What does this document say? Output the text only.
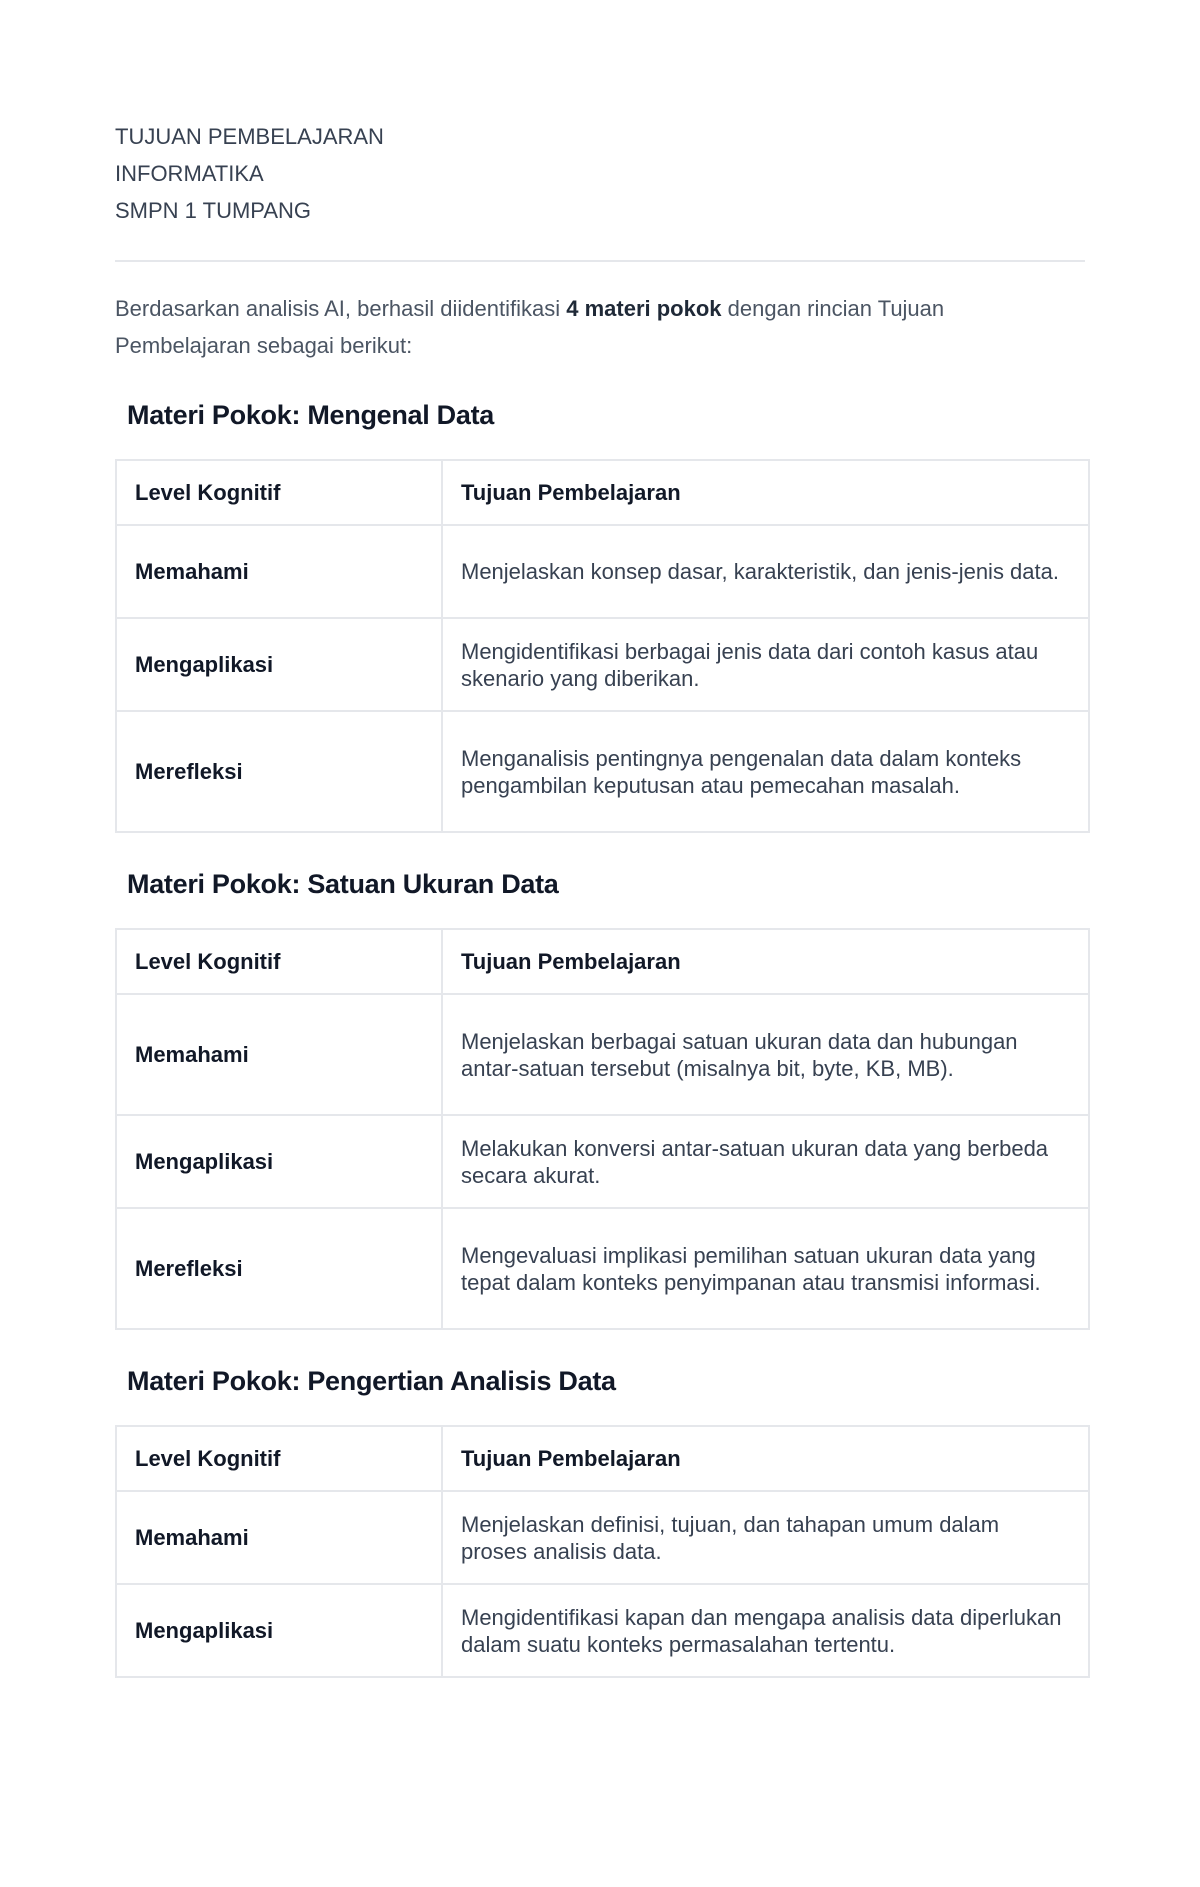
TUJUAN PEMBELAJARAN
INFORMATIKA
SMPN 1 TUMPANG

Berdasarkan analisis AI, berhasil diidentifikasi 4 materi pokok dengan rincian Tujuan Pembelajaran sebagai berikut:

Materi Pokok: Mengenal Data
Level Kognitif	Tujuan Pembelajaran
Memahami	Menjelaskan konsep dasar, karakteristik, dan jenis-jenis data.
Mengaplikasi	Mengidentifikasi berbagai jenis data dari contoh kasus atau skenario yang diberikan.
Merefleksi	Menganalisis pentingnya pengenalan data dalam konteks pengambilan keputusan atau pemecahan masalah.
Materi Pokok: Satuan Ukuran Data
Level Kognitif	Tujuan Pembelajaran
Memahami	Menjelaskan berbagai satuan ukuran data dan hubungan antar-satuan tersebut (misalnya bit, byte, KB, MB).
Mengaplikasi	Melakukan konversi antar-satuan ukuran data yang berbeda secara akurat.
Merefleksi	Mengevaluasi implikasi pemilihan satuan ukuran data yang tepat dalam konteks penyimpanan atau transmisi informasi.
Materi Pokok: Pengertian Analisis Data
Level Kognitif	Tujuan Pembelajaran
Memahami	Menjelaskan definisi, tujuan, dan tahapan umum dalam proses analisis data.
Mengaplikasi	Mengidentifikasi kapan dan mengapa analisis data diperlukan dalam suatu konteks permasalahan tertentu.
